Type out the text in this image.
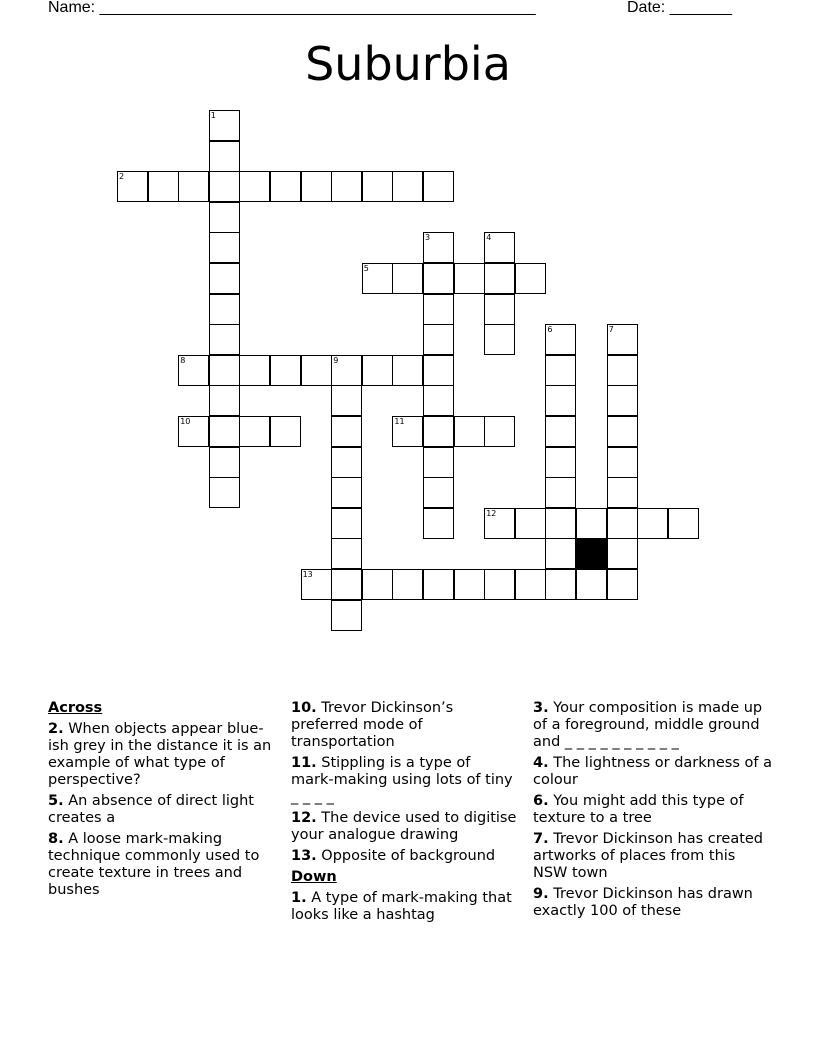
Name: _________________________________________________	Date: _______
Suburbia
2
5
8	9
10	11
12
13
1
3	4
6	7
Across
2. When objects appear blue-ish grey in the distance it is an example of what type of perspective?
5. An absence of direct light creates a
8. A loose mark-making technique commonly used to create texture in trees and bushes
10. Trevor Dickinson’s preferred mode of transportation
11. Stippling is a type of mark-making using lots of tiny _ _ _ _
12. The device used to digitise your analogue drawing
13. Opposite of background
Down
1. A type of mark-making that looks like a hashtag
3. Your composition is made up of a foreground, middle ground and _ _ _ _ _ _ _ _ _ _
4. The lightness or darkness of a colour
6. You might add this type of texture to a tree
7. Trevor Dickinson has created artworks of places from this NSW town
9. Trevor Dickinson has drawn exactly 100 of these
